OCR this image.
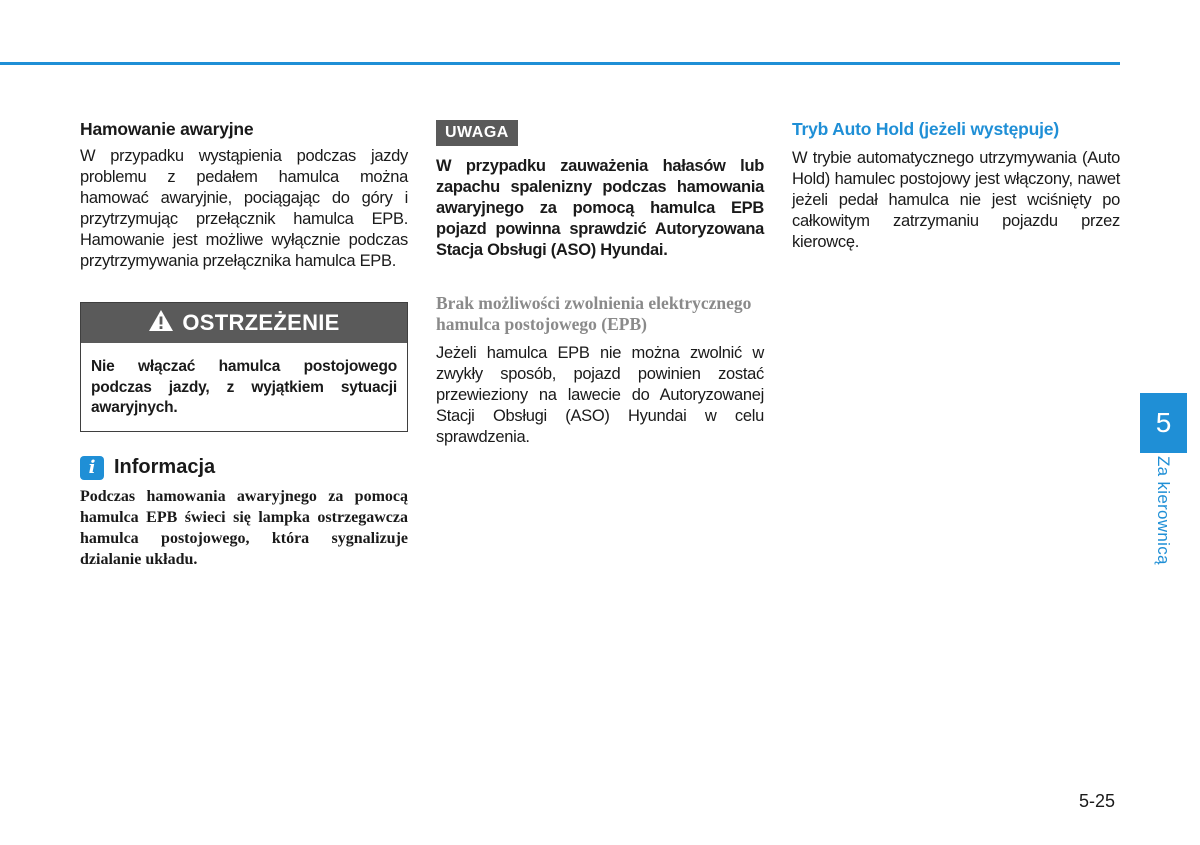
Hamowanie awaryjne

W przypadku wystąpienia podczas jazdy problemu z pedałem hamulca można hamować awaryjnie, pociągając do góry i przytrzymując przełącznik hamulca EPB. Hamowanie jest możliwe wyłącznie podczas przytrzymywania przełącznika hamulca EPB.

OSTRZEŻENIE
Nie włączać hamulca postojowego podczas jazdy, z wyjątkiem sytuacji awaryjnych.
i Informacja
Podczas hamowania awaryjnego za pomocą hamulca EPB świeci się lampka ostrzegawcza hamulca postojowego, która sygnalizuje dzialanie układu.
UWAGA
W przypadku zauważenia hałasów lub zapachu spalenizny podczas hamowania awaryjnego za pomocą hamulca EPB pojazd powinna sprawdzić Autoryzowana Stacja Obsługi (ASO) Hyundai.
Brak możliwości zwolnienia elektrycznego hamulca postojowego (EPB)

Jeżeli hamulca EPB nie można zwolnić w zwykły sposób, pojazd powinien zostać przewieziony na lawecie do Autoryzowanej Stacji Obsługi (ASO) Hyundai w celu sprawdzenia.

Tryb Auto Hold (jeżeli występuje)

W trybie automatycznego utrzymywania (Auto Hold) hamulec postojowy jest włączony, nawet jeżeli pedał hamulca nie jest wciśnięty po całkowitym zatrzymaniu pojazdu przez kierowcę.

5
Za kierownicą
5-25
